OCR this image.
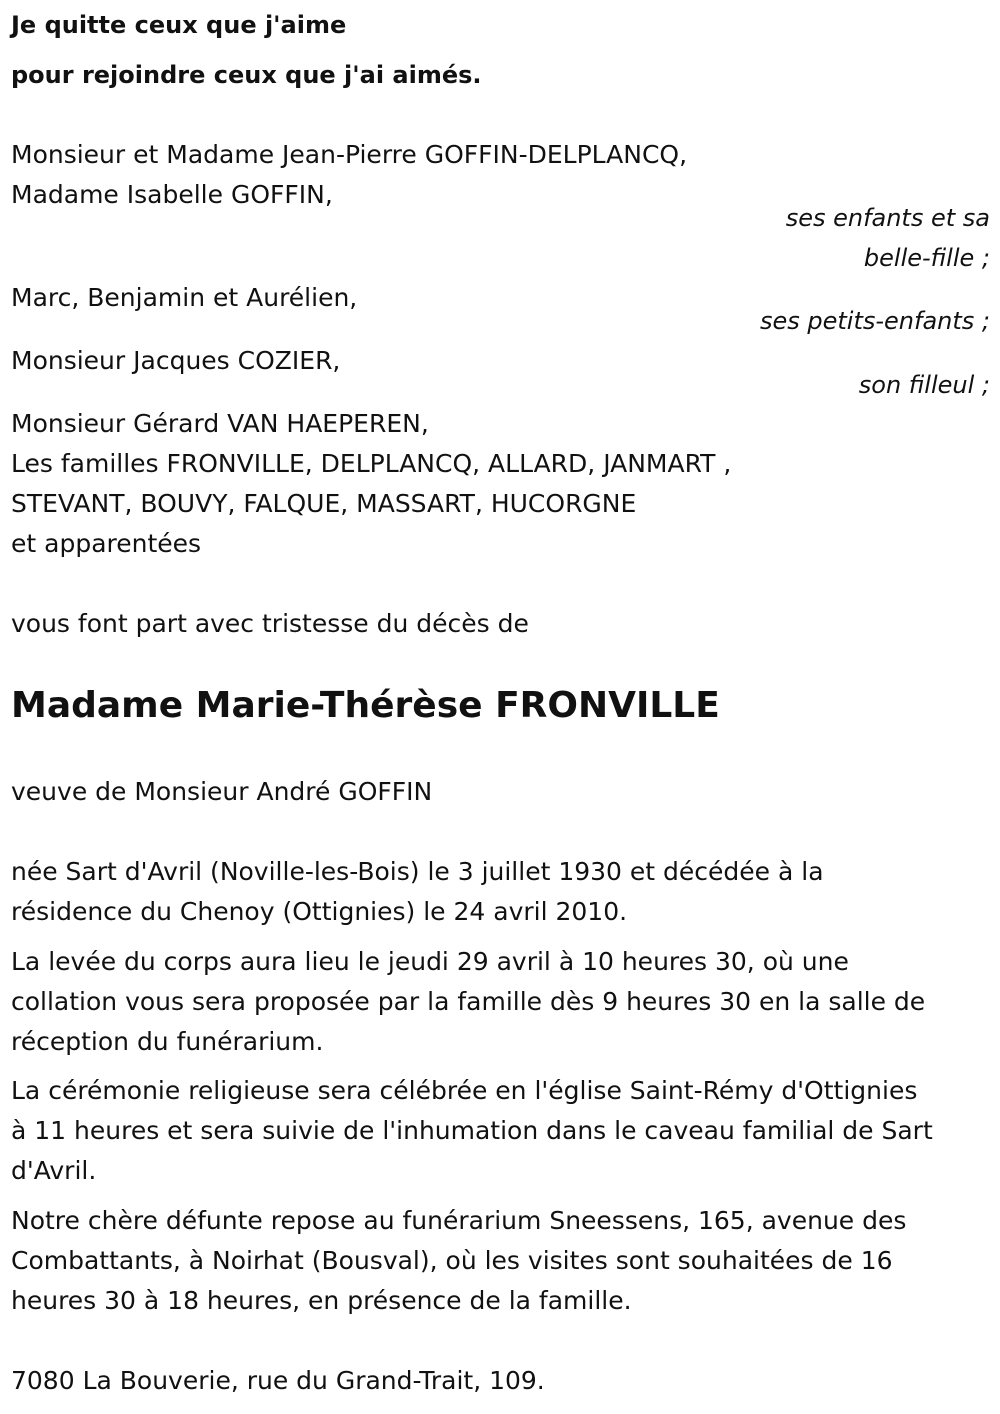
Je quitte ceux que j'aime
pour rejoindre ceux que j'ai aimés.
Monsieur et Madame Jean-Pierre GOFFIN-DELPLANCQ,
Madame Isabelle GOFFIN,
ses enfants et sa
belle-fille ;
Marc, Benjamin et Aurélien,
ses petits-enfants ;
Monsieur Jacques COZIER,
son filleul ;
Monsieur Gérard VAN HAEPEREN,
Les familles FRONVILLE, DELPLANCQ, ALLARD, JANMART ,
STEVANT, BOUVY, FALQUE, MASSART, HUCORGNE
et apparentées
vous font part avec tristesse du décès de
Madame Marie-Thérèse FRONVILLE
veuve de Monsieur André GOFFIN
née Sart d'Avril (Noville-les-Bois) le 3 juillet 1930 et décédée à la
résidence du Chenoy (Ottignies) le 24 avril 2010.
La levée du corps aura lieu le jeudi 29 avril à 10 heures 30, où une
collation vous sera proposée par la famille dès 9 heures 30 en la salle de
réception du funérarium.
La cérémonie religieuse sera célébrée en l'église Saint-Rémy d'Ottignies
à 11 heures et sera suivie de l'inhumation dans le caveau familial de Sart
d'Avril.
Notre chère défunte repose au funérarium Sneessens, 165, avenue des
Combattants, à Noirhat (Bousval), où les visites sont souhaitées de 16
heures 30 à 18 heures, en présence de la famille.
7080 La Bouverie, rue du Grand-Trait, 109.
